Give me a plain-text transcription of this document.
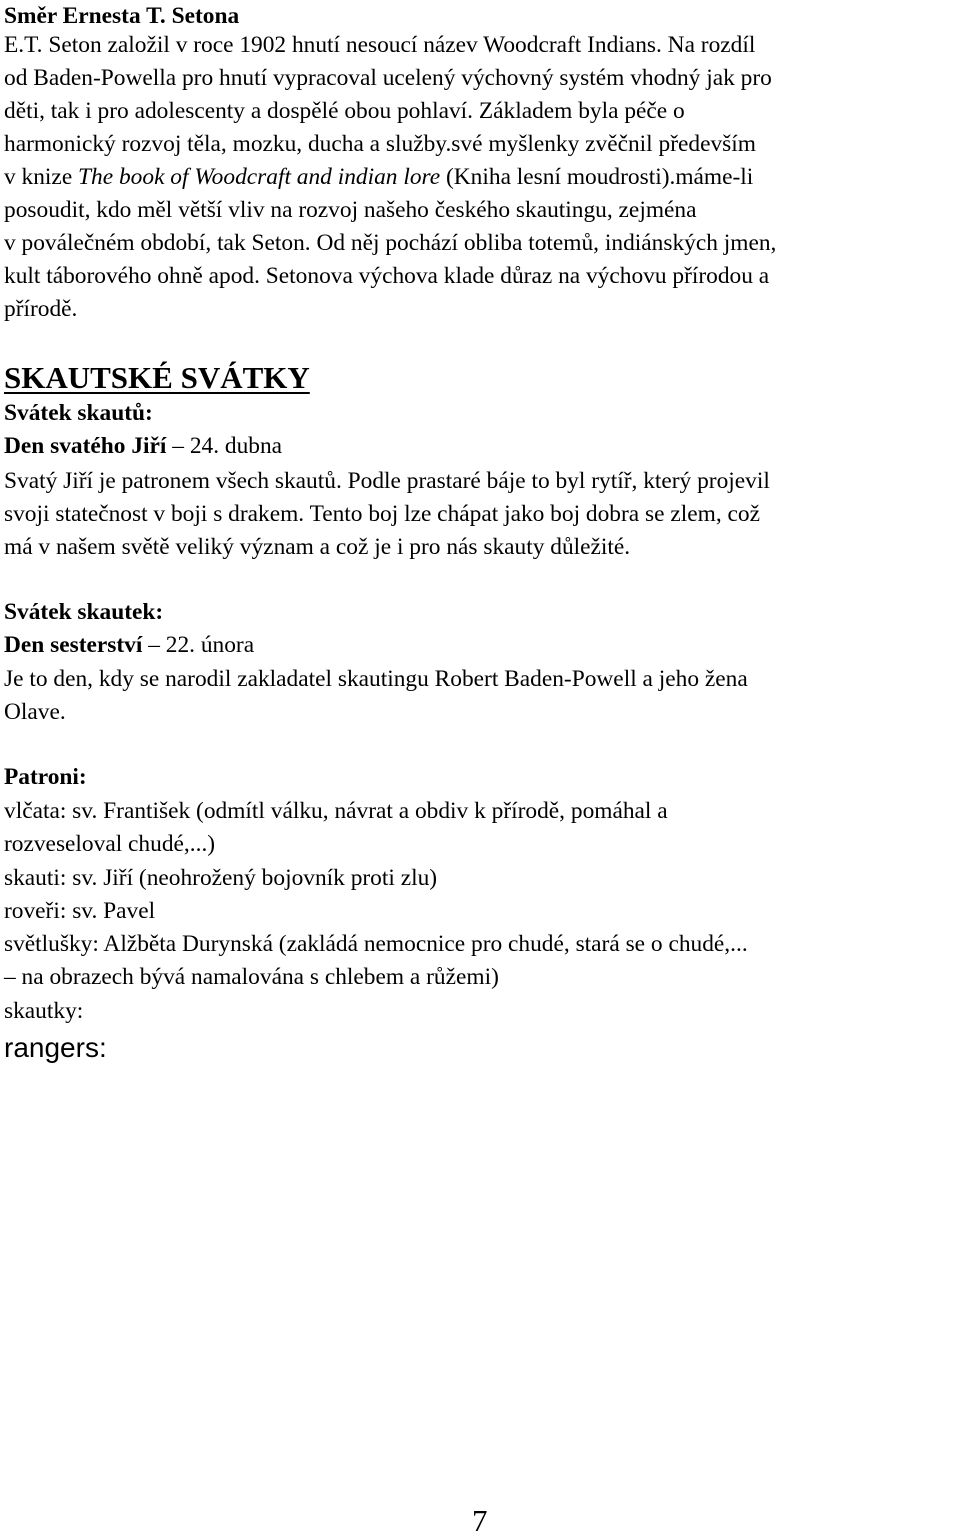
Směr Ernesta T. Setona
E.T. Seton založil v roce 1902 hnutí nesoucí název Woodcraft Indians. Na rozdíl
od Baden-Powella pro hnutí vypracoval ucelený výchovný systém vhodný jak pro
děti, tak i pro adolescenty a dospělé obou pohlaví. Základem byla péče o
harmonický rozvoj těla, mozku, ducha a služby.své myšlenky zvěčnil především
v knize The book of Woodcraft and indian lore (Kniha lesní moudrosti).máme-li
posoudit, kdo měl větší vliv na rozvoj našeho českého skautingu, zejména
v poválečném období, tak Seton. Od něj pochází obliba totemů, indiánských jmen,
kult táborového ohně apod. Setonova výchova klade důraz na výchovu přírodou a
přírodě.
SKAUTSKÉ SVÁTKY
Svátek skautů:
Den svatého Jiří – 24. dubna
Svatý Jiří je patronem všech skautů. Podle prastaré báje to byl rytíř, který projevil
svoji statečnost v boji s drakem. Tento boj lze chápat jako boj dobra se zlem, což
má v našem světě veliký význam a což je i pro nás skauty důležité.
Svátek skautek:
Den sesterství – 22. února
Je to den, kdy se narodil zakladatel skautingu Robert Baden-Powell a jeho žena
Olave.
Patroni:
vlčata: sv. František (odmítl válku, návrat a obdiv k přírodě, pomáhal a
rozveseloval chudé,...)
skauti: sv. Jiří (neohrožený bojovník proti zlu)
roveři: sv. Pavel
světlušky: Alžběta Durynská (zakládá nemocnice pro chudé, stará se o chudé,...
– na obrazech bývá namalována s chlebem a růžemi)
skautky:
rangers:
7
